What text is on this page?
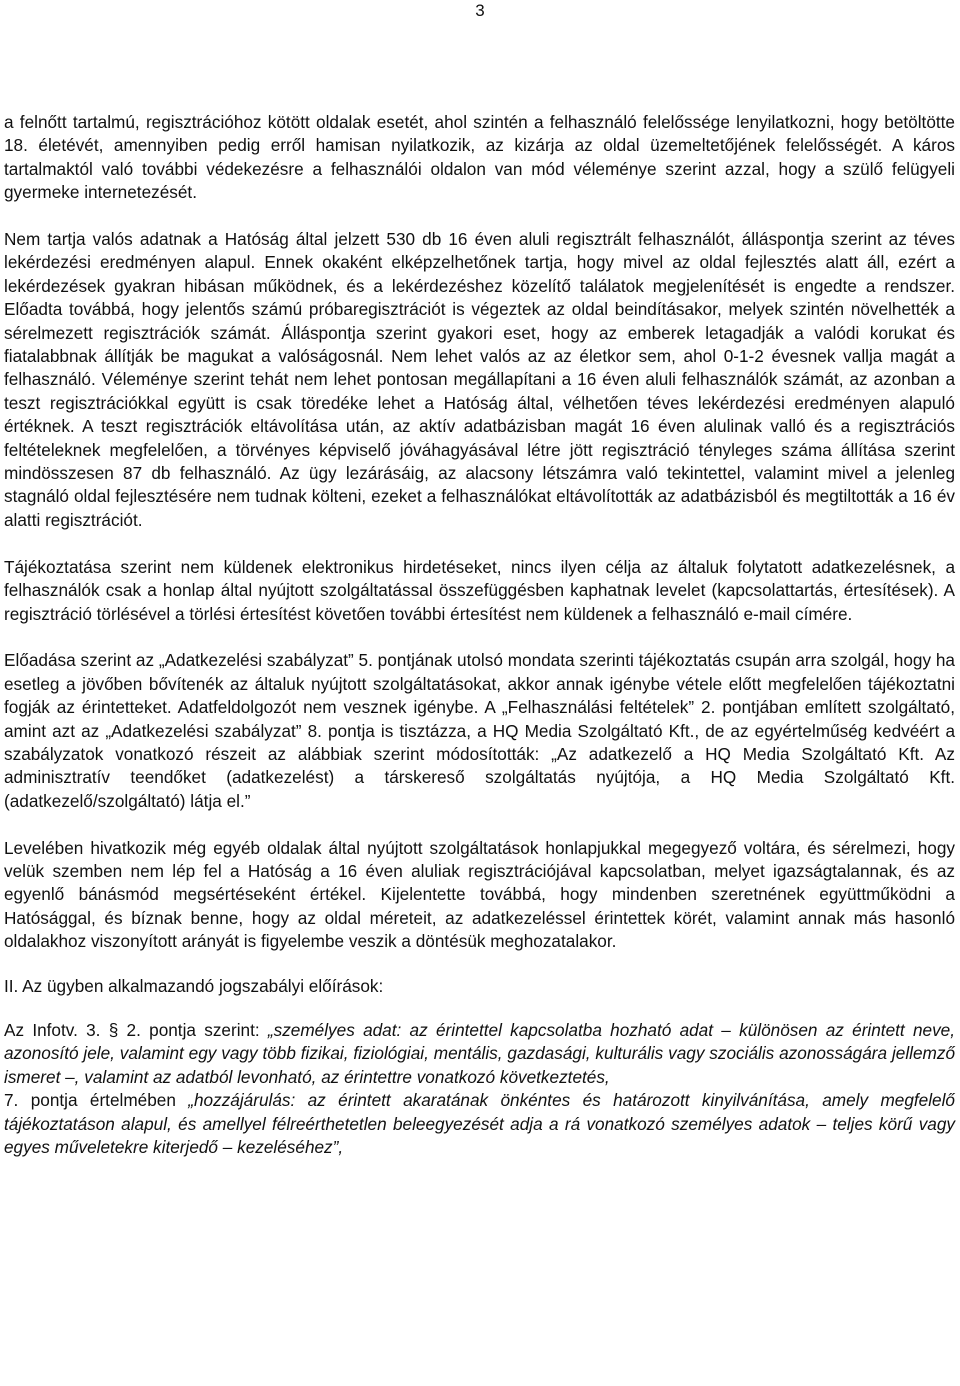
3

a felnőtt tartalmú, regisztrációhoz kötött oldalak esetét, ahol szintén a felhasználó felelőssége lenyilatkozni, hogy betöltötte 18. életévét, amennyiben pedig erről hamisan nyilatkozik, az kizárja az oldal üzemeltetőjének felelősségét. A káros tartalmaktól való további védekezésre a felhasználói oldalon van mód véleménye szerint azzal, hogy a szülő felügyeli gyermeke internetezését.

Nem tartja valós adatnak a Hatóság által jelzett 530 db 16 éven aluli regisztrált felhasználót, álláspontja szerint az téves lekérdezési eredményen alapul. Ennek okaként elképzelhetőnek tartja, hogy mivel az oldal fejlesztés alatt áll, ezért a lekérdezések gyakran hibásan működnek, és a lekérdezéshez közelítő találatok megjelenítését is engedte a rendszer. Előadta továbbá, hogy jelentős számú próbaregisztrációt is végeztek az oldal beindításakor, melyek szintén növelhették a sérelmezett regisztrációk számát. Álláspontja szerint gyakori eset, hogy az emberek letagadják a valódi korukat és fiatalabbnak állítják be magukat a valóságosnál. Nem lehet valós az az életkor sem, ahol 0-1-2 évesnek vallja magát a felhasználó. Véleménye szerint tehát nem lehet pontosan megállapítani a 16 éven aluli felhasználók számát, az azonban a teszt regisztrációkkal együtt is csak töredéke lehet a Hatóság által, vélhetően téves lekérdezési eredményen alapuló értéknek. A teszt regisztrációk eltávolítása után, az aktív adatbázisban magát 16 éven alulinak valló és a regisztrációs feltételeknek megfelelően, a törvényes képviselő jóváhagyásával létre jött regisztráció tényleges száma állítása szerint mindösszesen 87 db felhasználó. Az ügy lezárásáig, az alacsony létszámra való tekintettel, valamint mivel a jelenleg stagnáló oldal fejlesztésére nem tudnak költeni, ezeket a felhasználókat eltávolították az adatbázisból és megtiltották a 16 év alatti regisztrációt.

Tájékoztatása szerint nem küldenek elektronikus hirdetéseket, nincs ilyen célja az általuk folytatott adatkezelésnek, a felhasználók csak a honlap által nyújtott szolgáltatással összefüggésben kaphatnak levelet (kapcsolattartás, értesítések). A regisztráció törlésével a törlési értesítést követően további értesítést nem küldenek a felhasználó e-mail címére.

Előadása szerint az „Adatkezelési szabályzat” 5. pontjának utolsó mondata szerinti tájékoztatás csupán arra szolgál, hogy ha esetleg a jövőben bővítenék az általuk nyújtott szolgáltatásokat, akkor annak igénybe vétele előtt megfelelően tájékoztatni fogják az érintetteket. Adatfeldolgozót nem vesznek igénybe. A „Felhasználási feltételek” 2. pontjában említett szolgáltató, amint azt az „Adatkezelési szabályzat” 8. pontja is tisztázza, a HQ Media Szolgáltató Kft., de az egyértelműség kedvéért a szabályzatok vonatkozó részeit az alábbiak szerint módosították: „Az adatkezelő a HQ Media Szolgáltató Kft. Az adminisztratív teendőket (adatkezelést) a társkereső szolgáltatás nyújtója, a HQ Media Szolgáltató Kft. (adatkezelő/szolgáltató) látja el.”

Levelében hivatkozik még egyéb oldalak által nyújtott szolgáltatások honlapjukkal megegyező voltára, és sérelmezi, hogy velük szemben nem lép fel a Hatóság a 16 éven aluliak regisztrációjával kapcsolatban, melyet igazságtalannak, és az egyenlő bánásmód megsértéseként értékel. Kijelentette továbbá, hogy mindenben szeretnének együttműködni a Hatósággal, és bíznak benne, hogy az oldal méreteit, az adatkezeléssel érintettek körét, valamint annak más hasonló oldalakhoz viszonyított arányát is figyelembe veszik a döntésük meghozatalakor.

II. Az ügyben alkalmazandó jogszabályi előírások:

Az Infotv. 3. § 2. pontja szerint: „személyes adat: az érintettel kapcsolatba hozható adat – különösen az érintett neve, azonosító jele, valamint egy vagy több fizikai, fiziológiai, mentális, gazdasági, kulturális vagy szociális azonosságára jellemző ismeret –, valamint az adatból levonható, az érintettre vonatkozó következtetés,

7. pontja értelmében „hozzájárulás: az érintett akaratának önkéntes és határozott kinyilvánítása, amely megfelelő tájékoztatáson alapul, és amellyel félreérthetetlen beleegyezését adja a rá vonatkozó személyes adatok – teljes körű vagy egyes műveletekre kiterjedő – kezeléséhez”,
